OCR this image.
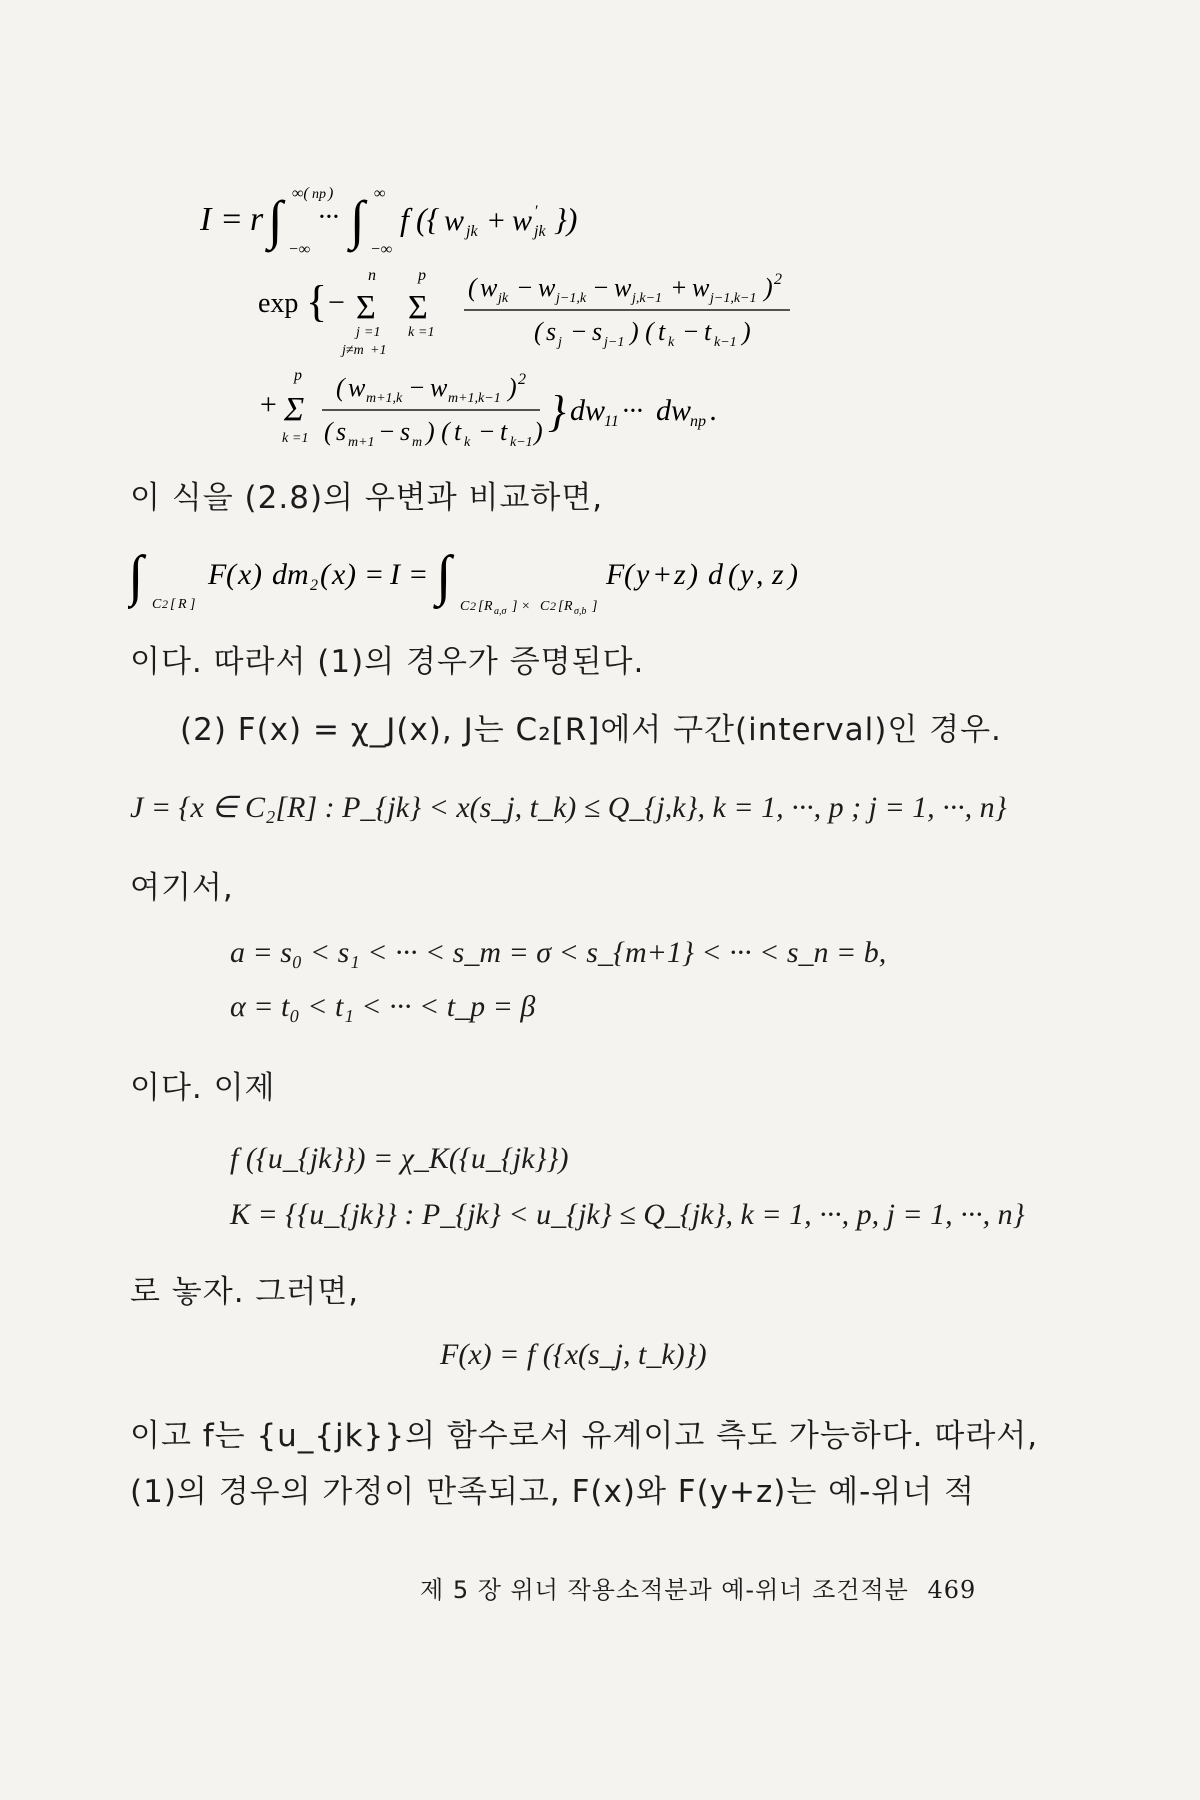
I = r ∫ ∞( np )
−∞
··· ∫ ∞
−∞
f ({ w jk + w ′
jk })
exp { −
n
Σ
j =1
j≠m +1
p
Σ
k =1
( w jk − w j−1,k − w j,k−1 + w j−1,k−1 ) 2
( s j − s j−1 ) ( t k − t k−1 )
+
p
Σ
k =1
( w m+1,k − w m+1,k−1 ) 2
( s m+1 − s m ) ( t k − t k−1 ) } dw
11 ··· dw
np .
이 식을 (2.8)의 우변과 비교하면,
∫ C 2 [ R ]
F ( x ) dm 2 ( x ) = I = ∫ C 2 [ R a,σ ] × C 2 [ R σ,b ]
F ( y + z ) d ( y , z )
이다. 따라서 (1)의 경우가 증명된다.
(2) F(x) = χ_J(x), J는 C₂[R]에서 구간(interval)인 경우.
J = {x ∈ C₂[R] : P_{jk} < x(s_j, t_k) ≤ Q_{j,k}, k = 1, ···, p ; j = 1, ···, n}
여기서,
a = s₀ < s₁ < ··· < s_m = σ < s_{m+1} < ··· < s_n = b,
α = t₀ < t₁ < ··· < t_p = β
이다. 이제
f ({u_{jk}}) = χ_K({u_{jk}})
K = {{u_{jk}} : P_{jk} < u_{jk} ≤ Q_{jk}, k = 1, ···, p, j = 1, ···, n}
로 놓자. 그러면,
F(x) = f ({x(s_j, t_k)})
이고 f는 {u_{jk}}의 함수로서 유계이고 측도 가능하다. 따라서,
(1)의 경우의 가정이 만족되고, F(x)와 F(y+z)는 예-위너 적
제 5 장 위너 작용소적분과 예-위너 조건적분 469
